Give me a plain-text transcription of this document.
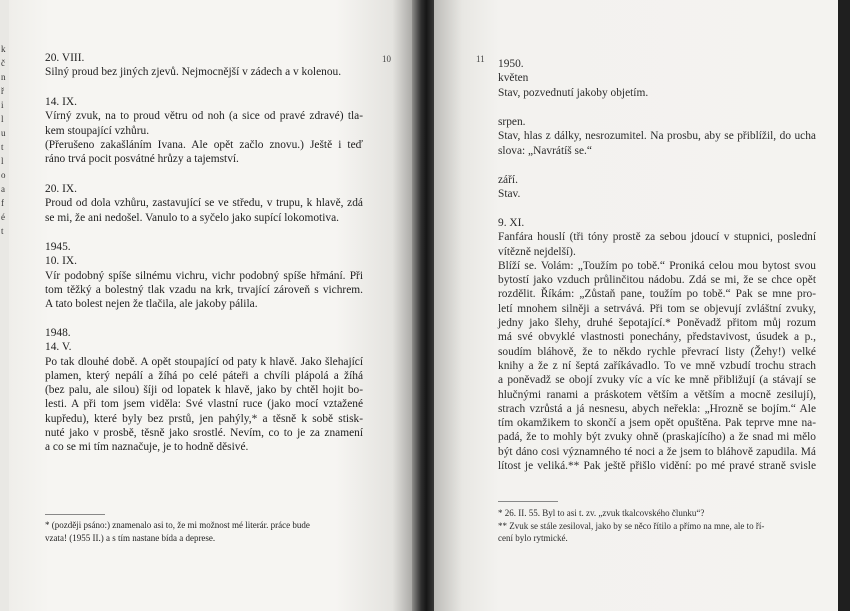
k
č
n
ř
i
l
u
t
l
o
a
f
é
t
10
20. VIII.
Silný proud bez jiných zjevů. Nejmocnější v zádech a v kolenou.
14. IX.
Vírný zvuk, na to proud větru od noh (a sice od pravé zdravé) tla-
kem stoupající vzhůru.
(Přerušeno zakašláním Ivana. Ale opět začlo znovu.) Ještě i teď
ráno trvá pocit posvátné hrůzy a tajemství.
20. IX.
Proud od dola vzhůru, zastavující se ve středu, v trupu, k hlavě, zdá
se mi, že ani nedošel. Vanulo to a syčelo jako supící lokomotiva.
1945.
10. IX.
Vír podobný spíše silnému vichru, vichr podobný spíše hřmání. Při
tom těžký a bolestný tlak vzadu na krk, trvající zároveň s vichrem.
A tato bolest nejen že tlačila, ale jakoby pálila.
1948.
14. V.
Po tak dlouhé době. A opět stoupající od paty k hlavě. Jako šlehající
plamen, který nepálí a žíhá po celé páteři a chvíli plápolá a žíhá
(bez palu, ale silou) šíji od lopatek k hlavě, jako by chtěl hojit bo-
lesti. A při tom jsem viděla: Své vlastní ruce (jako mocí vztažené
kupředu), které byly bez prstů, jen pahýly,* a těsně k sobě stisk-
nuté jako v prosbě, těsně jako srostlé. Nevím, co to je za znamení
a co se mi tím naznačuje, je to hodně děsivé.
* (později psáno:) znamenalo asi to, že mi možnost mé literár. práce bude
vzata! (1955 II.) a s tím nastane bída a deprese.
11 1950.
květen
Stav, pozvednutí jakoby objetím.
srpen.
Stav, hlas z dálky, nesrozumitel. Na prosbu, aby se přiblížil, do ucha
slova: „Navrátíš se.“
září.
Stav.
9. XI.
Fanfára houslí (tři tóny prostě za sebou jdoucí v stupnici, poslední
vítězně nejdelší).
Blíží se. Volám: „Toužím po tobě.“ Proniká celou mou bytost svou
bytostí jako vzduch průlinčitou nádobu. Zdá se mi, že se chce opět
rozdělit. Říkám: „Zůstaň pane, toužím po tobě.“ Pak se mne pro-
letí mnohem silněji a setrvává. Při tom se objevují zvláštní zvuky,
jedny jako šlehy, druhé šepotající.* Poněvadž přitom můj rozum
má své obvyklé vlastnosti ponechány, představivost, úsudek a p.,
soudím bláhově, že to někdo rychle převrací listy (Žehy!) velké
knihy a že z ní šeptá zaříkávadlo. To ve mně vzbudí trochu strach
a poněvadž se obojí zvuky víc a víc ke mně přibližují (a stávají se
hlučnými ranami a práskotem větším a větším a mocně zesilují),
strach vzrůstá a já nesnesu, abych neřekla: „Hrozně se bojím.“ Ale
tím okamžikem to skončí a jsem opět opuštěna. Pak teprve mne na-
padá, že to mohly být zvuky ohně (praskajícího) a že snad mi mělo
být dáno cosi významného té noci a že jsem to bláhově zapudila. Má
lítost je veliká.** Pak ještě přišlo vidění: po mé pravé straně svisle
* 26. II. 55. Byl to asi t. zv. „zvuk tkalcovského člunku“?
** Zvuk se stále zesiloval, jako by se něco řítilo a přímo na mne, ale to ří-
cení bylo rytmické.
